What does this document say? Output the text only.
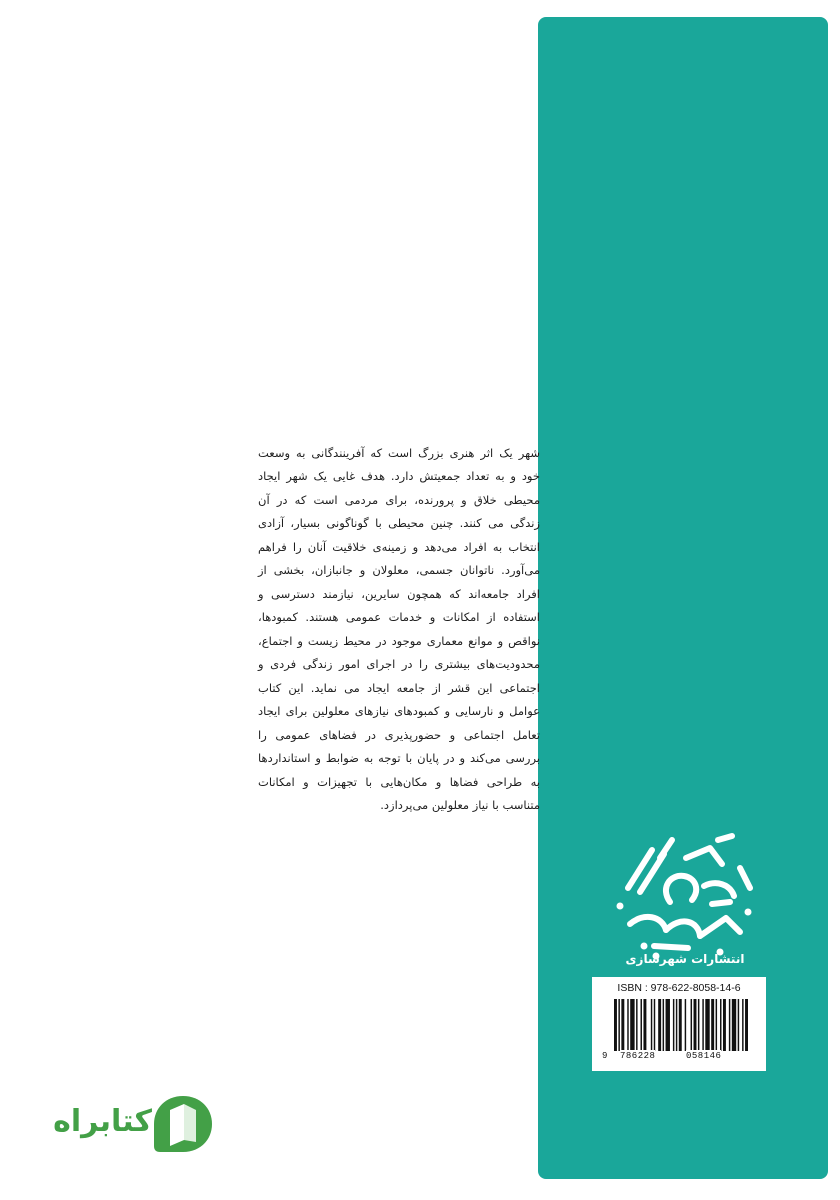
شهر یک اثر هنری بزرگ است که آفرینندگانی به وسعت خود و به تعداد جمعیتش دارد. هدف غایی یک شهر ایجاد محیطی خلاق و پرورنده، برای مردمی است که در آن زندگی می کنند. چنین محیطی با گوناگونی بسیار، آزادی انتخاب به افراد می‌دهد و زمینه‌ی خلاقیت آنان را فراهم می‌آورد. ناتوانان جسمی، معلولان و جانبازان، بخشی از افراد جامعه‌اند که همچون سایرین، نیازمند دسترسی و استفاده از امکانات و خدمات عمومی هستند. کمبودها، نواقص و موانع معماری موجود در محیط زیست و اجتماع، محدودیت‌های بیشتری را در اجرای امور زندگی فردی و اجتماعی این قشر از جامعه ایجاد می نماید. این کتاب عوامل و نارسایی و کمبودهای نیازهای معلولین برای ایجاد تعامل اجتماعی و حضورپذیری در فضاهای عمومی را بررسی می‌کند و در پایان با توجه به ضوابط و استانداردها به طراحی فضاها و مکان‌هایی با تجهیزات و امکانات متناسب با نیاز معلولین می‌پردازد.

انتشارات شهرسازی
ISBN : 978-622-8058-14-6
9 786228	058146
کتابراه
